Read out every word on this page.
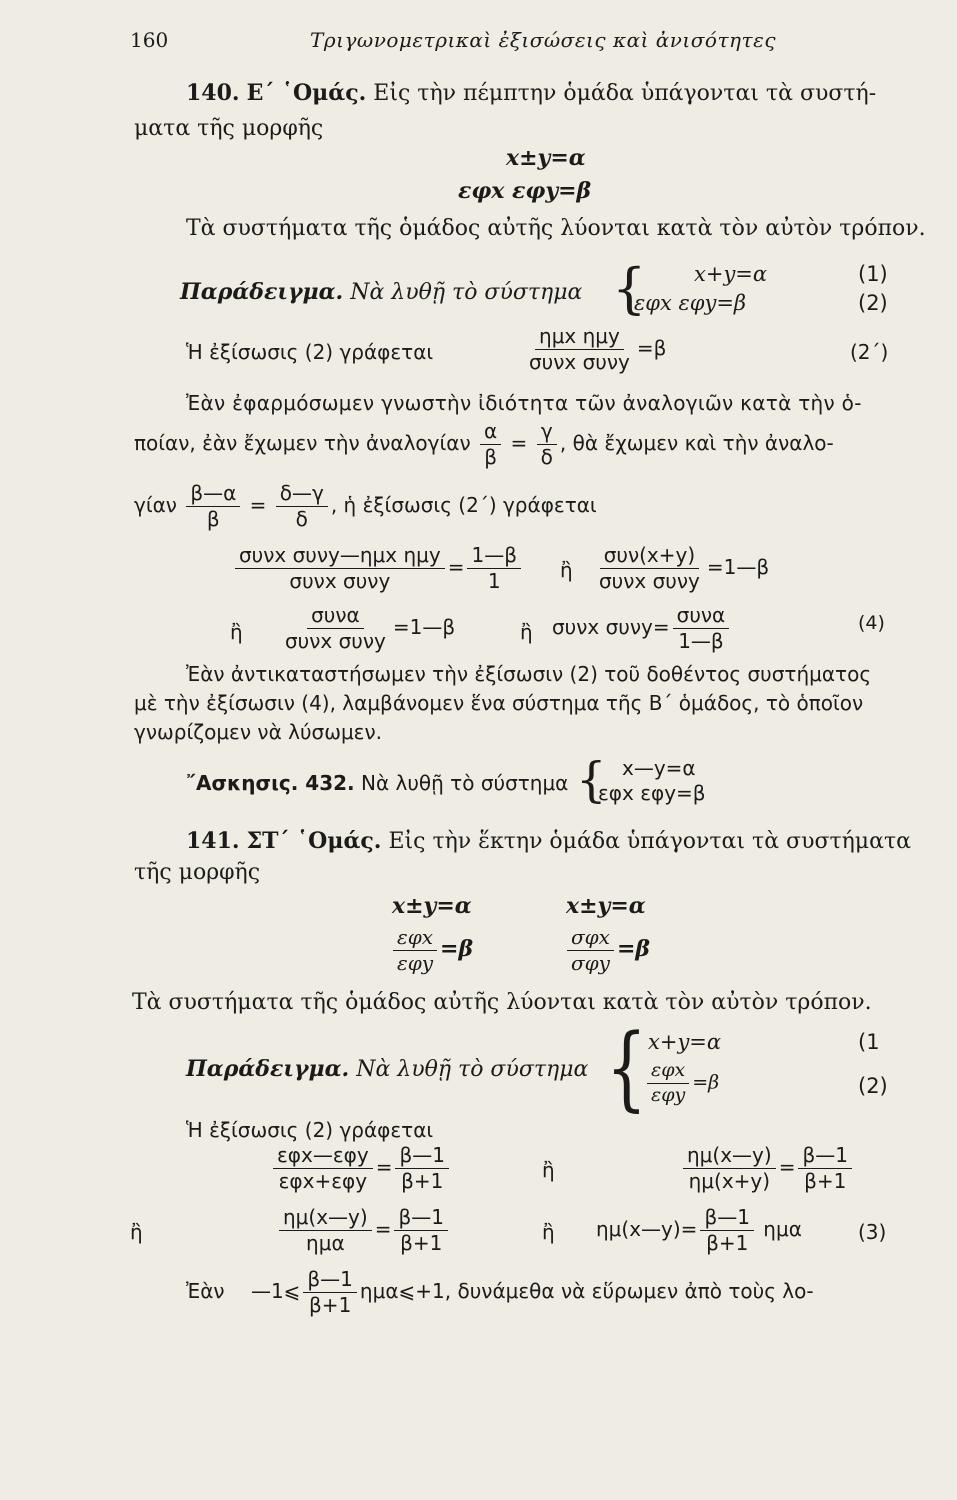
160	Τριγωνομετρικαὶ ἐξισώσεις καὶ ἀνισότητες
140. Ε΄ ῾Ομάς. Εἰς τὴν πέμπτην ὁμάδα ὑπάγονται τὰ συστή-
ματα τῆς μορφῆς
x±y=α
εφx εφy=β
Τὰ συστήματα τῆς ὁμάδος αὐτῆς λύονται κατὰ τὸν αὐτὸν τρόπον.
Παράδειγμα. Νὰ λυθῇ τὸ σύστημα { x+y=α
εφx εφy=β
(1)
(2)
Ἡ ἐξίσωσις (2) γράφεται	$\frac{\text{ημx ημy}}{\text{συνx συνy}} =\beta$	(2΄)
Ἐὰν ἐφαρμόσωμεν γνωστὴν ἰδιότητα τῶν ἀναλογιῶν κατὰ τὴν ὁ-
ποίαν, ἐὰν ἔχωμεν τὴν ἀναλογίαν $\frac{\alpha}{\beta} = \frac{\gamma}{\delta}$ , θὰ ἔχωμεν καὶ τὴν ἀναλο-
γίαν $\frac{\beta—\alpha}{\beta} = \frac{\delta—\gamma}{\delta}$ , ἡ ἐξίσωσις (2΄) γράφεται
$\frac{\text{συνx συνy—ημx ημy}}{\text{συνx συνy}} = \frac{1—\beta}{1}$ ἢ $\frac{\text{συν(x+y)}}{\text{συνx συνy}}$ =1—β
ἢ $\frac{\text{συνα}}{\text{συνx συνy}}$ =1—β	ἢ συνx $\sigma\upsilon\nu y= \frac{\text{συνα}}{1—\beta}$	(4)
Ἐὰν ἀντικαταστήσωμεν τὴν ἐξίσωσιν (2) τοῦ δοθέντος συστήματος
μὲ τὴν ἐξίσωσιν (4), λαμβάνομεν ἕνα σύστημα τῆς Β΄ ὁμάδος, τὸ ὁποῖον
γνωρίζομεν νὰ λύσωμεν.
῎Ασκησις. 432. Νὰ λυθῇ τὸ σύστημα { x—y=α
εφx εφy=β
141. ΣΤ΄ ῾Ομάς. Εἰς τὴν ἕκτην ὁμάδα ὑπάγονται τὰ συστήματα
τῆς μορφῆς
x±y=α
$\frac{\text{εφx}}{\text{εφy}} =\beta$
x±y=α
$\frac{\text{σφx}}{\text{σφy}} =\beta$
Τὰ συστήματα τῆς ὁμάδος αὐτῆς λύονται κατὰ τὸν αὐτὸν τρόπον.
Παράδειγμα. Νὰ λυθῇ τὸ σύστημα { x+y=α
$\frac{\text{εφx}}{\text{εφy}} =\beta$
(1
(2)
Ἡ ἐξίσωσις (2) γράφεται
$\frac{\text{εφx—εφy}}{\text{εφx+εφy}} = \frac{\beta—1}{\beta+1}$	ἢ	$\frac{\eta\mu(x—y)}{\eta\mu(x+y)} = \frac{\beta—1}{\beta+1}$
ἢ	$\frac{\eta\mu(x—y)}{\text{ημα}} = \frac{\beta—1}{\beta+1}$	ἢ ημ(x—y)= $\frac{\beta—1}{\beta+1}$ ημα	(3)
Ἐὰν —1⩽ $\frac{\beta—1}{\beta+1}$ ημα⩽+1, δυνάμεθα νὰ εὕρωμεν ἀπὸ τοὺς λο-
